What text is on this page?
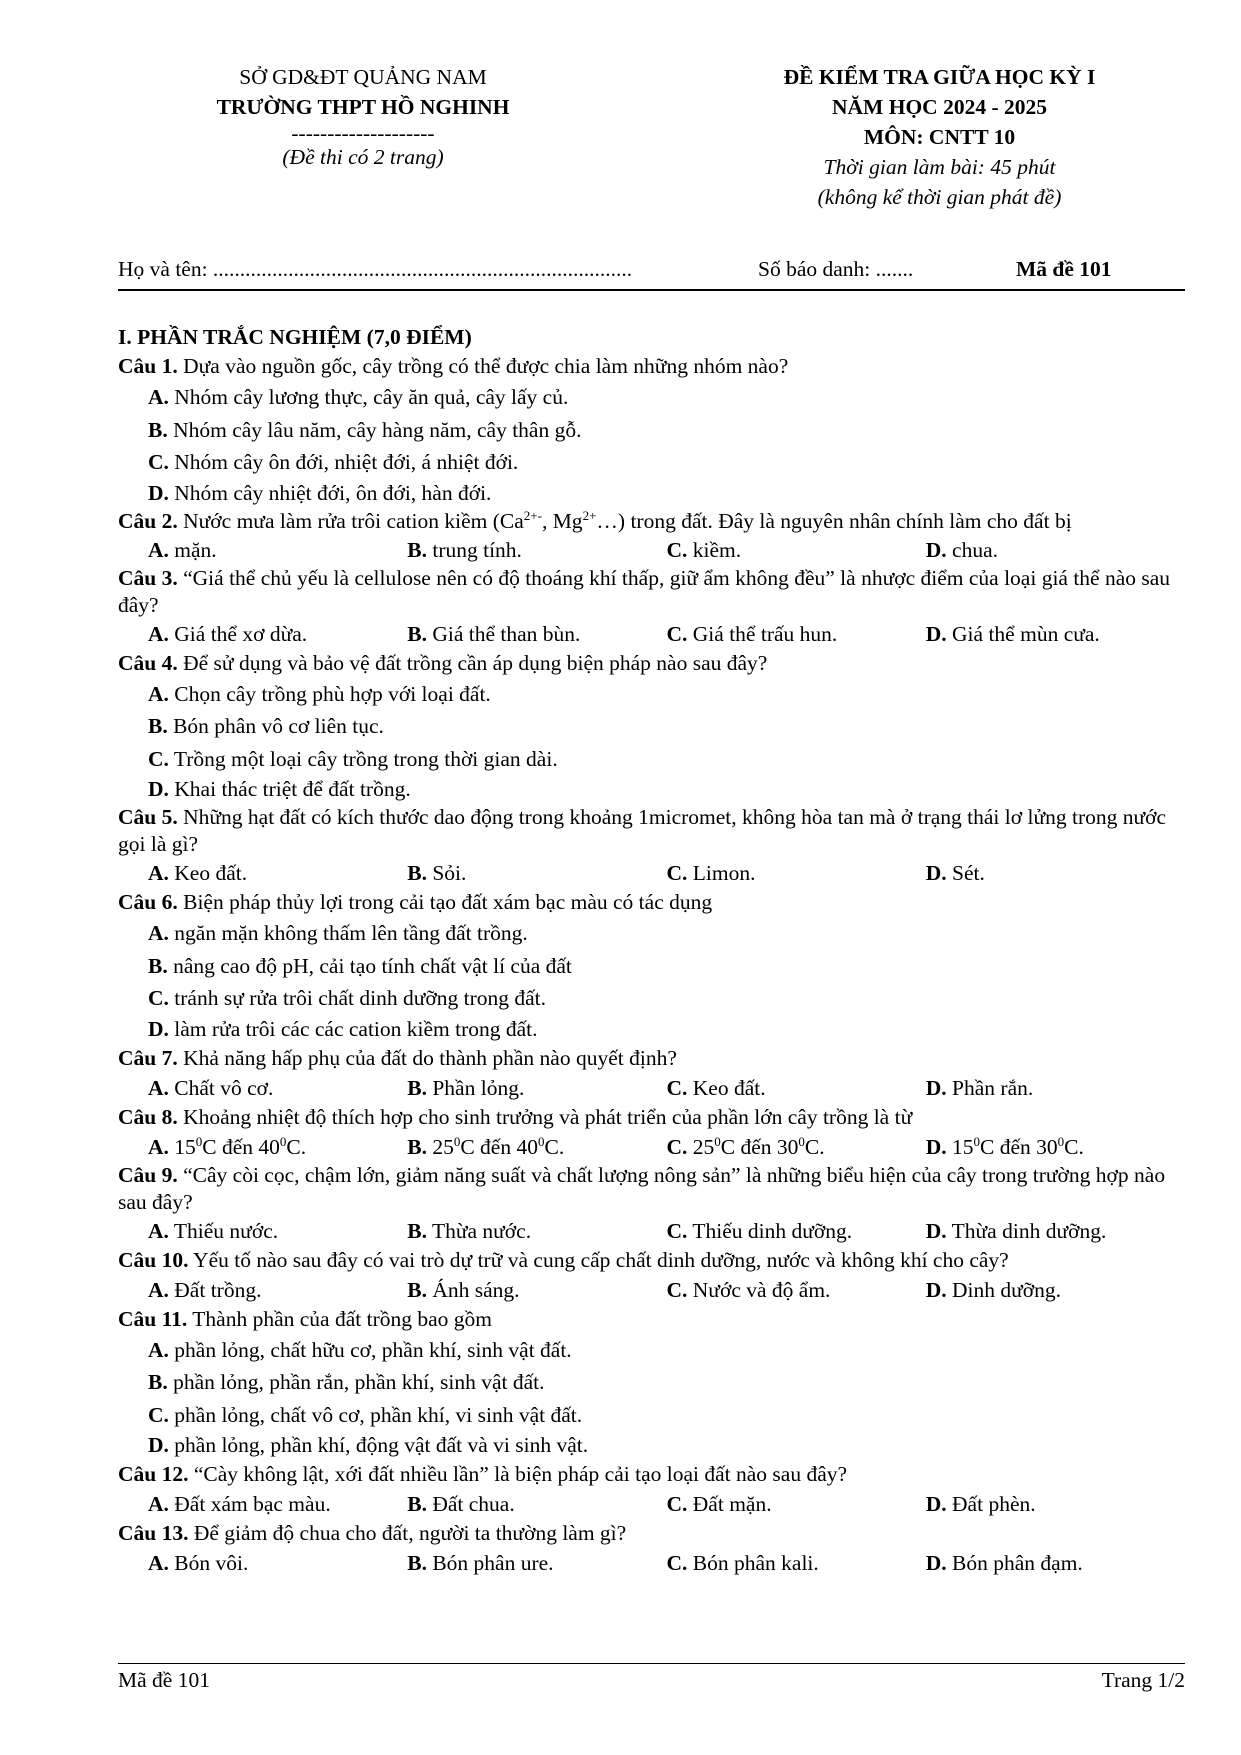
SỞ GD&ĐT QUẢNG NAM
TRƯỜNG THPT HỒ NGHINH
--------------------
(Đề thi có 2 trang)
ĐỀ KIỂM TRA GIỮA HỌC KỲ I
NĂM HỌC 2024 - 2025
MÔN: CNTT 10
Thời gian làm bài: 45 phút
(không kể thời gian phát đề)
Họ và tên: ..............................................................................	Số báo danh: .......	Mã đề 101
I. PHẦN TRẮC NGHIỆM (7,0 ĐIỂM)
Câu 1. Dựa vào nguồn gốc, cây trồng có thể được chia làm những nhóm nào?
A. Nhóm cây lương thực, cây ăn quả, cây lấy củ.
B. Nhóm cây lâu năm, cây hàng năm, cây thân gỗ.
C. Nhóm cây ôn đới, nhiệt đới, á nhiệt đới.
D. Nhóm cây nhiệt đới, ôn đới, hàn đới.
Câu 2. Nước mưa làm rửa trôi cation kiềm ($Ca^{2+-}$, $Mg^{2+}\dots$) trong đất. Đây là nguyên nhân chính làm cho đất bị
A. mặn.	B. trung tính.	C. kiềm.	D. chua.
Câu 3. “Giá thể chủ yếu là cellulose nên có độ thoáng khí thấp, giữ ẩm không đều” là nhược điểm của loại giá thể nào sau đây?
A. Giá thể xơ dừa.	B. Giá thể than bùn.	C. Giá thể trấu hun.	D. Giá thể mùn cưa.
Câu 4. Để sử dụng và bảo vệ đất trồng cần áp dụng biện pháp nào sau đây?
A. Chọn cây trồng phù hợp với loại đất.
B. Bón phân vô cơ liên tục.
C. Trồng một loại cây trồng trong thời gian dài.
D. Khai thác triệt để đất trồng.
Câu 5. Những hạt đất có kích thước dao động trong khoảng 1micromet, không hòa tan mà ở trạng thái lơ lửng trong nước gọi là gì?
A. Keo đất.	B. Sỏi.	C. Limon.	D. Sét.
Câu 6. Biện pháp thủy lợi trong cải tạo đất xám bạc màu có tác dụng
A. ngăn mặn không thấm lên tầng đất trồng.
B. nâng cao độ pH, cải tạo tính chất vật lí của đất
C. tránh sự rửa trôi chất dinh dưỡng trong đất.
D. làm rửa trôi các các cation kiềm trong đất.
Câu 7. Khả năng hấp phụ của đất do thành phần nào quyết định?
A. Chất vô cơ.	B. Phần lỏng.	C. Keo đất.	D. Phần rắn.
Câu 8. Khoảng nhiệt độ thích hợp cho sinh trưởng và phát triển của phần lớn cây trồng là từ
A. $15^0C$ đến $40^0C$.	B. $25^0C$ đến $40^0C$.	C. $25^0C$ đến $30^0C$.	D. $15^0C$ đến $30^0C$.
Câu 9. “Cây còi cọc, chậm lớn, giảm năng suất và chất lượng nông sản” là những biểu hiện của cây trong trường hợp nào sau đây?
A. Thiếu nước.	B. Thừa nước.	C. Thiếu dinh dưỡng.	D. Thừa dinh dưỡng.
Câu 10. Yếu tố nào sau đây có vai trò dự trữ và cung cấp chất dinh dưỡng, nước và không khí cho cây?
A. Đất trồng.	B. Ánh sáng.	C. Nước và độ ẩm.	D. Dinh dưỡng.
Câu 11. Thành phần của đất trồng bao gồm
A. phần lỏng, chất hữu cơ, phần khí, sinh vật đất.
B. phần lỏng, phần rắn, phần khí, sinh vật đất.
C. phần lỏng, chất vô cơ, phần khí, vi sinh vật đất.
D. phần lỏng, phần khí, động vật đất và vi sinh vật.
Câu 12. “Cày không lật, xới đất nhiều lần” là biện pháp cải tạo loại đất nào sau đây?
A. Đất xám bạc màu.	B. Đất chua.	C. Đất mặn.	D. Đất phèn.
Câu 13. Để giảm độ chua cho đất, người ta thường làm gì?
A. Bón vôi.	B. Bón phân ure.	C. Bón phân kali.	D. Bón phân đạm.
Mã đề 101	Trang 1/2
